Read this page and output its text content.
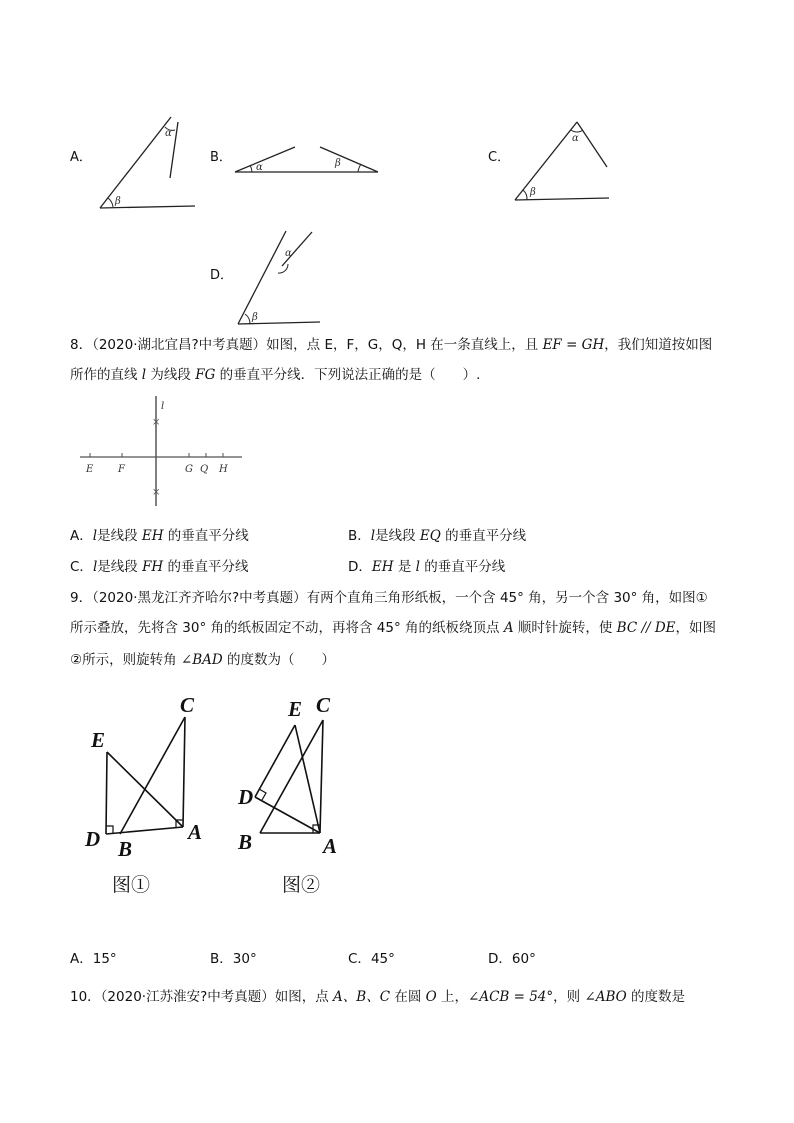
A．
α
β
B．
α	β	C．
α
β
D．
α
β
8．（2020·湖北宜昌?中考真题）如图，点 E，F，G，Q，H 在一条直线上，且 EF = GH，我们知道按如图
所作的直线 l 为线段 FG 的垂直平分线．下列说法正确的是（　　）.
×
×
l
E F	G Q H
A．l是线段 EH 的垂直平分线	B．l是线段 EQ 的垂直平分线
C．l是线段 FH 的垂直平分线	D．EH 是 l 的垂直平分线
9．（2020·黑龙江齐齐哈尔?中考真题）有两个直角三角形纸板，一个含 45° 角，另一个含 30° 角，如图①
所示叠放，先将含 30° 角的纸板固定不动，再将含 45° 角的纸板绕顶点 A 顺时针旋转，使 BC // DE，如图
②所示，则旋转角 ∠BAD 的度数为（　　）
C
E
D B
A
图①
E C
D
B	A
图②
A．15°	B．30°	C．45°	D．60°
10．（2020·江苏淮安?中考真题）如图，点 A、B、C 在圆 O 上，∠ACB = 54°，则 ∠ABO 的度数是
